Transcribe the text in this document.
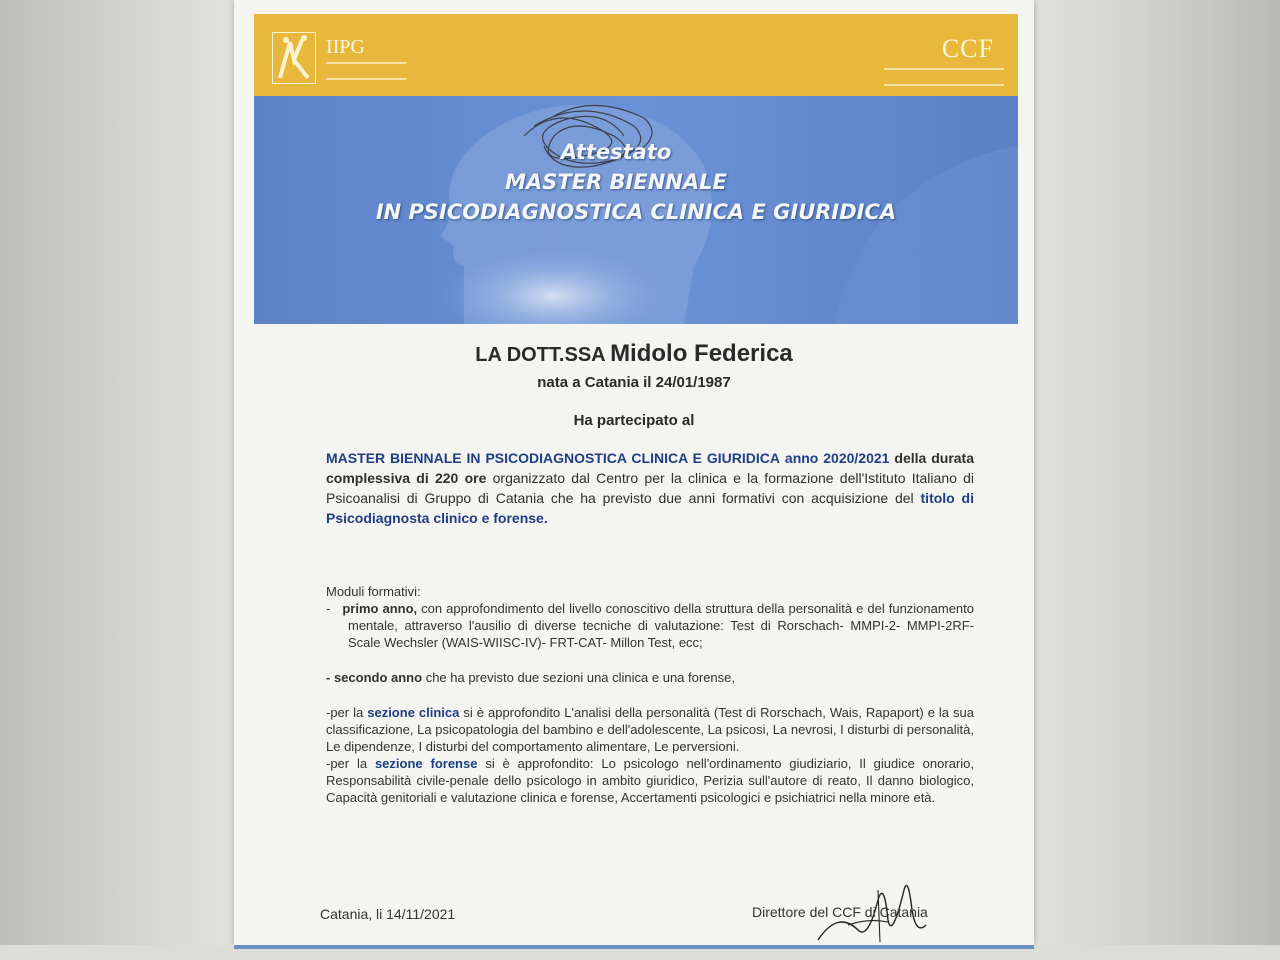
IIPG	CCF
Attestato
MASTER BIENNALE
IN PSICODIAGNOSTICA CLINICA E GIURIDICA
LA DOTT.SSA Midolo Federica
nata a Catania il 24/01/1987
Ha partecipato al
MASTER BIENNALE IN PSICODIAGNOSTICA CLINICA E GIURIDICA anno 2020/2021 della durata complessiva di 220 ore organizzato dal Centro per la clinica e la formazione dell'Istituto Italiano di Psicoanalisi di Gruppo di Catania che ha previsto due anni formativi con acquisizione del titolo di Psicodiagnosta clinico e forense.
Moduli formativi:
-   primo anno, con approfondimento del livello conoscitivo della struttura della personalità e del funzionamento mentale, attraverso l'ausilio di diverse tecniche di valutazione: Test di Rorschach- MMPI-2- MMPI-2RF- Scale Wechsler (WAIS-WIISC-IV)- FRT-CAT- Millon Test, ecc;
- secondo anno che ha previsto due sezioni una clinica e una forense,
-per la sezione clinica si è approfondito L'analisi della personalità (Test di Rorschach, Wais, Rapaport) e la sua classificazione, La psicopatologia del bambino e dell'adolescente, La psicosi, La nevrosi, I disturbi di personalità, Le dipendenze, I disturbi del comportamento alimentare, Le perversioni.
-per la sezione forense si è approfondito: Lo psicologo nell'ordinamento giudiziario, Il giudice onorario, Responsabilità civile-penale dello psicologo in ambito giuridico, Perizia sull'autore di reato, Il danno biologico, Capacità genitoriali e valutazione clinica e forense, Accertamenti psicologici e psichiatrici nella minore età.
Catania, li 14/11/2021	Direttore del CCF di Catania
